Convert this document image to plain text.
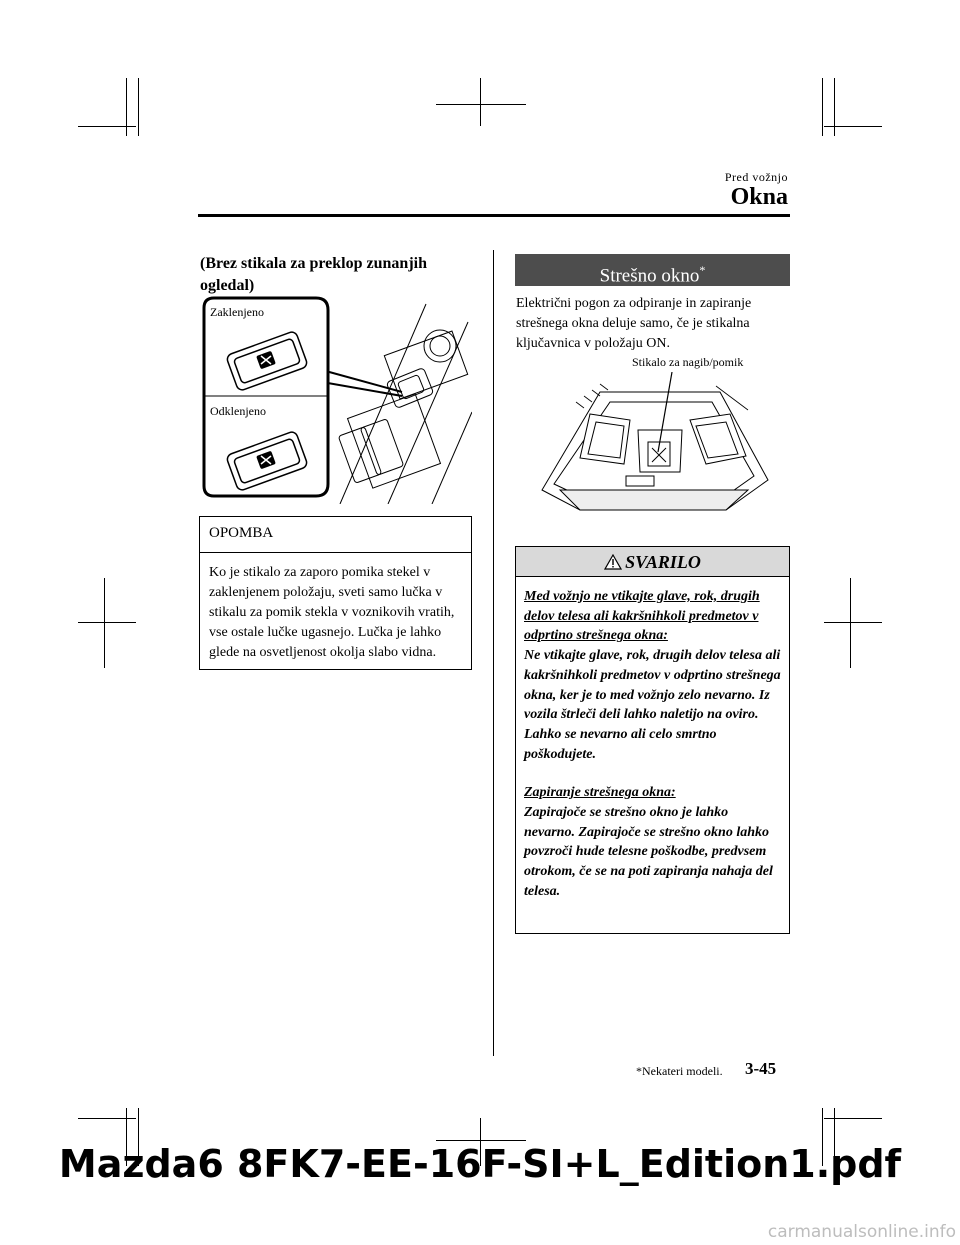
Pred vožnjo
Okna
(Brez stikala za preklop zunanjih ogledal)
Zaklenjeno
Odklenjeno
OPOMBA
Ko je stikalo za zaporo pomika stekel v zaklenjenem položaju, sveti samo lučka v stikalu za pomik stekla v voznikovih vratih, vse ostale lučke ugasnejo. Lučka je lahko glede na osvetljenost okolja slabo vidna.
Strešno okno*
Električni pogon za odpiranje in zapiranje strešnega okna deluje samo, če je stikalna ključavnica v položaju ON.
Stikalo za nagib/pomik
SVARILO

Med vožnjo ne vtikajte glave, rok, drugih delov telesa ali kakršnihkoli predmetov v odprtino strešnega okna:

Ne vtikajte glave, rok, drugih delov telesa ali kakršnihkoli predmetov v odprtino strešnega okna, ker je to med vožnjo zelo nevarno. Iz vozila štrleči deli lahko naletijo na oviro. Lahko se nevarno ali celo smrtno poškodujete.

Zapiranje strešnega okna:

Zapirajoče se strešno okno je lahko nevarno. Zapirajoče se strešno okno lahko povzroči hude telesne poškodbe, predvsem otrokom, če se na poti zapiranja nahaja del telesa.

*Nekateri modeli. 3-45
Mazda6 8FK7-EE-16F-SI+L_Edition1.pdf
carmanualsonline.info
